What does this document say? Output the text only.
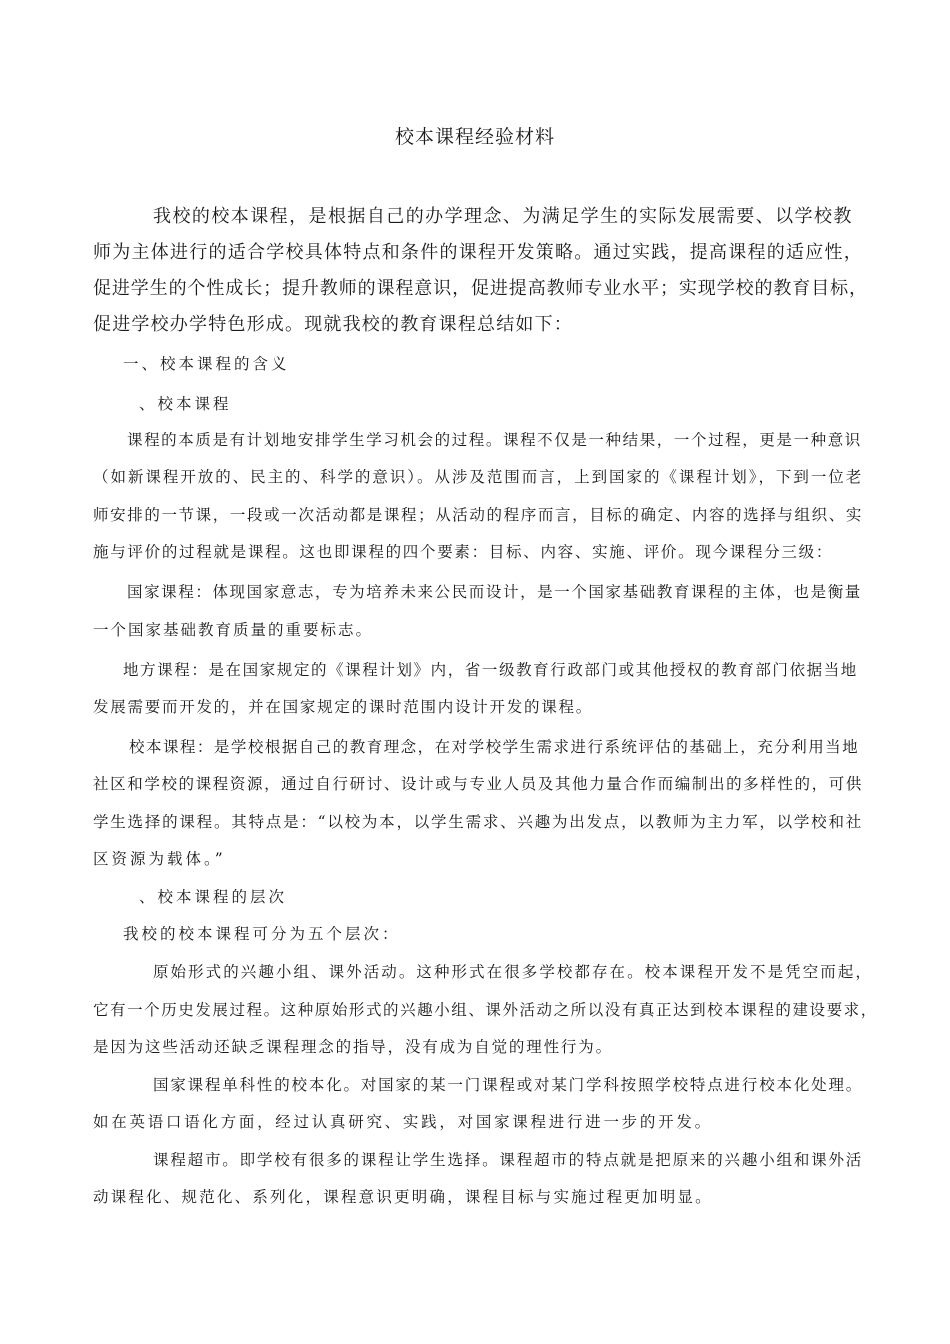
校本课程经验材料
我校的校本课程，是根据自己的办学理念、为满足学生的实际发展需要、以学校教
师为主体进行的适合学校具体特点和条件的课程开发策略。通过实践，提高课程的适应性，
促进学生的个性成长；提升教师的课程意识，促进提高教师专业水平；实现学校的教育目标，
促进学校办学特色形成。现就我校的教育课程总结如下：
一、校本课程的含义
、校本课程
课程的本质是有计划地安排学生学习机会的过程。课程不仅是一种结果，一个过程，更是一种意识
（如新课程开放的、民主的、科学的意识）。从涉及范围而言，上到国家的《课程计划》，下到一位老
师安排的一节课，一段或一次活动都是课程；从活动的程序而言，目标的确定、内容的选择与组织、实
施与评价的过程就是课程。这也即课程的四个要素：目标、内容、实施、评价。现今课程分三级：
国家课程：体现国家意志，专为培养未来公民而设计，是一个国家基础教育课程的主体，也是衡量
一个国家基础教育质量的重要标志。
地方课程：是在国家规定的《课程计划》内，省一级教育行政部门或其他授权的教育部门依据当地
发展需要而开发的，并在国家规定的课时范围内设计开发的课程。
校本课程：是学校根据自己的教育理念，在对学校学生需求进行系统评估的基础上，充分利用当地
社区和学校的课程资源，通过自行研讨、设计或与专业人员及其他力量合作而编制出的多样性的，可供
学生选择的课程。其特点是：“以校为本，以学生需求、兴趣为出发点，以教师为主力军，以学校和社
区资源为载体。”
、校本课程的层次
我校的校本课程可分为五个层次：
原始形式的兴趣小组、课外活动。这种形式在很多学校都存在。校本课程开发不是凭空而起，
它有一个历史发展过程。这种原始形式的兴趣小组、课外活动之所以没有真正达到校本课程的建设要求，
是因为这些活动还缺乏课程理念的指导，没有成为自觉的理性行为。
国家课程单科性的校本化。对国家的某一门课程或对某门学科按照学校特点进行校本化处理。
如在英语口语化方面，经过认真研究、实践，对国家课程进行进一步的开发。
课程超市。即学校有很多的课程让学生选择。课程超市的特点就是把原来的兴趣小组和课外活
动课程化、规范化、系列化，课程意识更明确，课程目标与实施过程更加明显。
